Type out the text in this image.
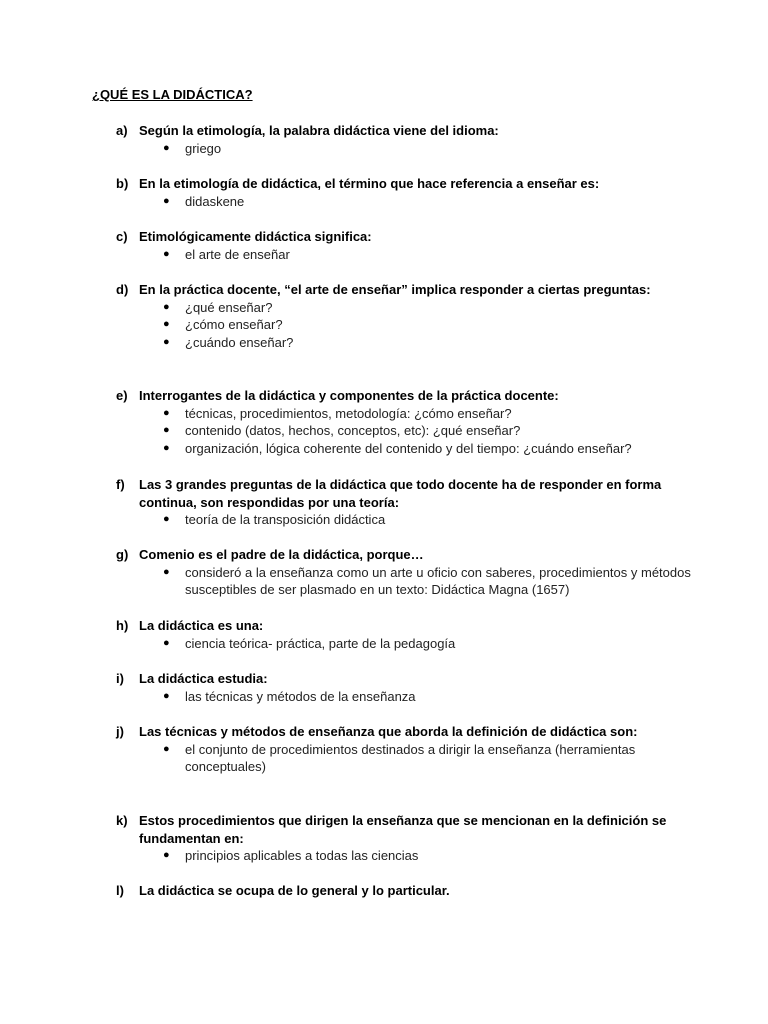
¿QUÉ ES LA DIDÁCTICA?
a) Según la etimología, la palabra didáctica viene del idioma:
● griego
b) En la etimología de didáctica, el término que hace referencia a enseñar es:
● didaskene
c) Etimológicamente didáctica significa:
● el arte de enseñar
d) En la práctica docente, “el arte de enseñar” implica responder a ciertas preguntas:
● ¿qué enseñar?
● ¿cómo enseñar?
● ¿cuándo enseñar?
e) Interrogantes de la didáctica y componentes de la práctica docente:
● técnicas, procedimientos, metodología: ¿cómo enseñar?
● contenido (datos, hechos, conceptos, etc): ¿qué enseñar?
● organización, lógica coherente del contenido y del tiempo: ¿cuándo enseñar?
f) Las 3 grandes preguntas de la didáctica que todo docente ha de responder en forma continua, son respondidas por una teoría:
● teoría de la transposición didáctica
g) Comenio es el padre de la didáctica, porque…
● consideró a la enseñanza como un arte u oficio con saberes, procedimientos y métodos susceptibles de ser plasmado en un texto: Didáctica Magna (1657)
h) La didáctica es una:
● ciencia teórica- práctica, parte de la pedagogía
i) La didáctica estudia:
● las técnicas y métodos de la enseñanza
j) Las técnicas y métodos de enseñanza que aborda la definición de didáctica son:
● el conjunto de procedimientos destinados a dirigir la enseñanza (herramientas conceptuales)
k) Estos procedimientos que dirigen la enseñanza que se mencionan en la definición se fundamentan en:
● principios aplicables a todas las ciencias
l) La didáctica se ocupa de lo general y lo particular.
